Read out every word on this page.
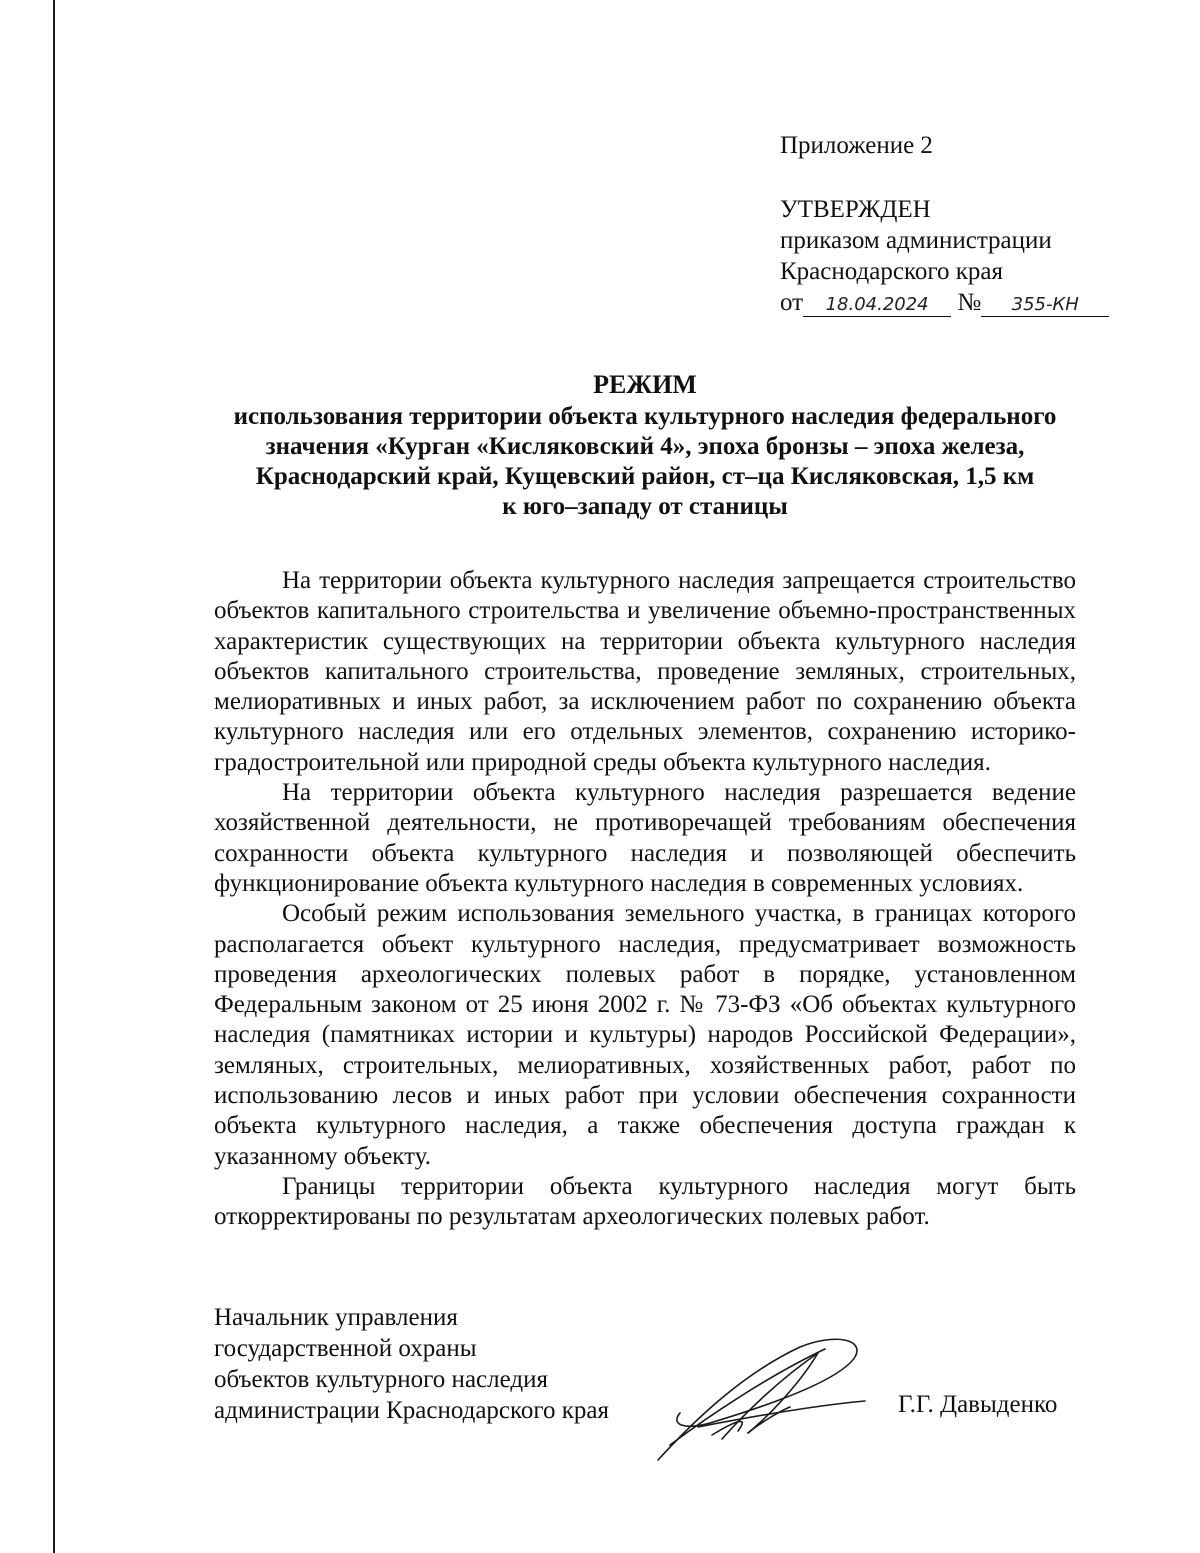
Приложение 2
УТВЕРЖДЕН
приказом администрации
Краснодарского края
от 18.04.2024 № 355-КН
РЕЖИМ
использования территории объекта культурного наследия федерального
значения «Курган «Кисляковский 4», эпоха бронзы – эпоха железа,
Краснодарский край, Кущевский район, ст–ца Кисляковская, 1,5 км
к юго–западу от станицы

На территории объекта культурного наследия запрещается строительство объектов капитального строительства и увеличение объемно-пространственных характеристик существующих на территории объекта культурного наследия объектов капитального строительства, проведение земляных, строительных, мелиоративных и иных работ, за исключением работ по сохранению объекта культурного наследия или его отдельных элементов, сохранению историко-градостроительной или природной среды объекта культурного наследия.

На территории объекта культурного наследия разрешается ведение хозяйственной деятельности, не противоречащей требованиям обеспечения сохранности объекта культурного наследия и позволяющей обеспечить функционирование объекта культурного наследия в современных условиях.

Особый режим использования земельного участка, в границах которого располагается объект культурного наследия, предусматривает возможность проведения археологических полевых работ в порядке, установленном Федеральным законом от 25 июня 2002 г. № 73-ФЗ «Об объектах культурного наследия (памятниках истории и культуры) народов Российской Федерации», земляных, строительных, мелиоративных, хозяйственных работ, работ по использованию лесов и иных работ при условии обеспечения сохранности объекта культурного наследия, а также обеспечения доступа граждан к указанному объекту.

Границы территории объекта культурного наследия могут быть откорректированы по результатам археологических полевых работ.

Начальник управления
государственной охраны
объектов культурного наследия
администрации Краснодарского края	Г.Г. Давыденко
